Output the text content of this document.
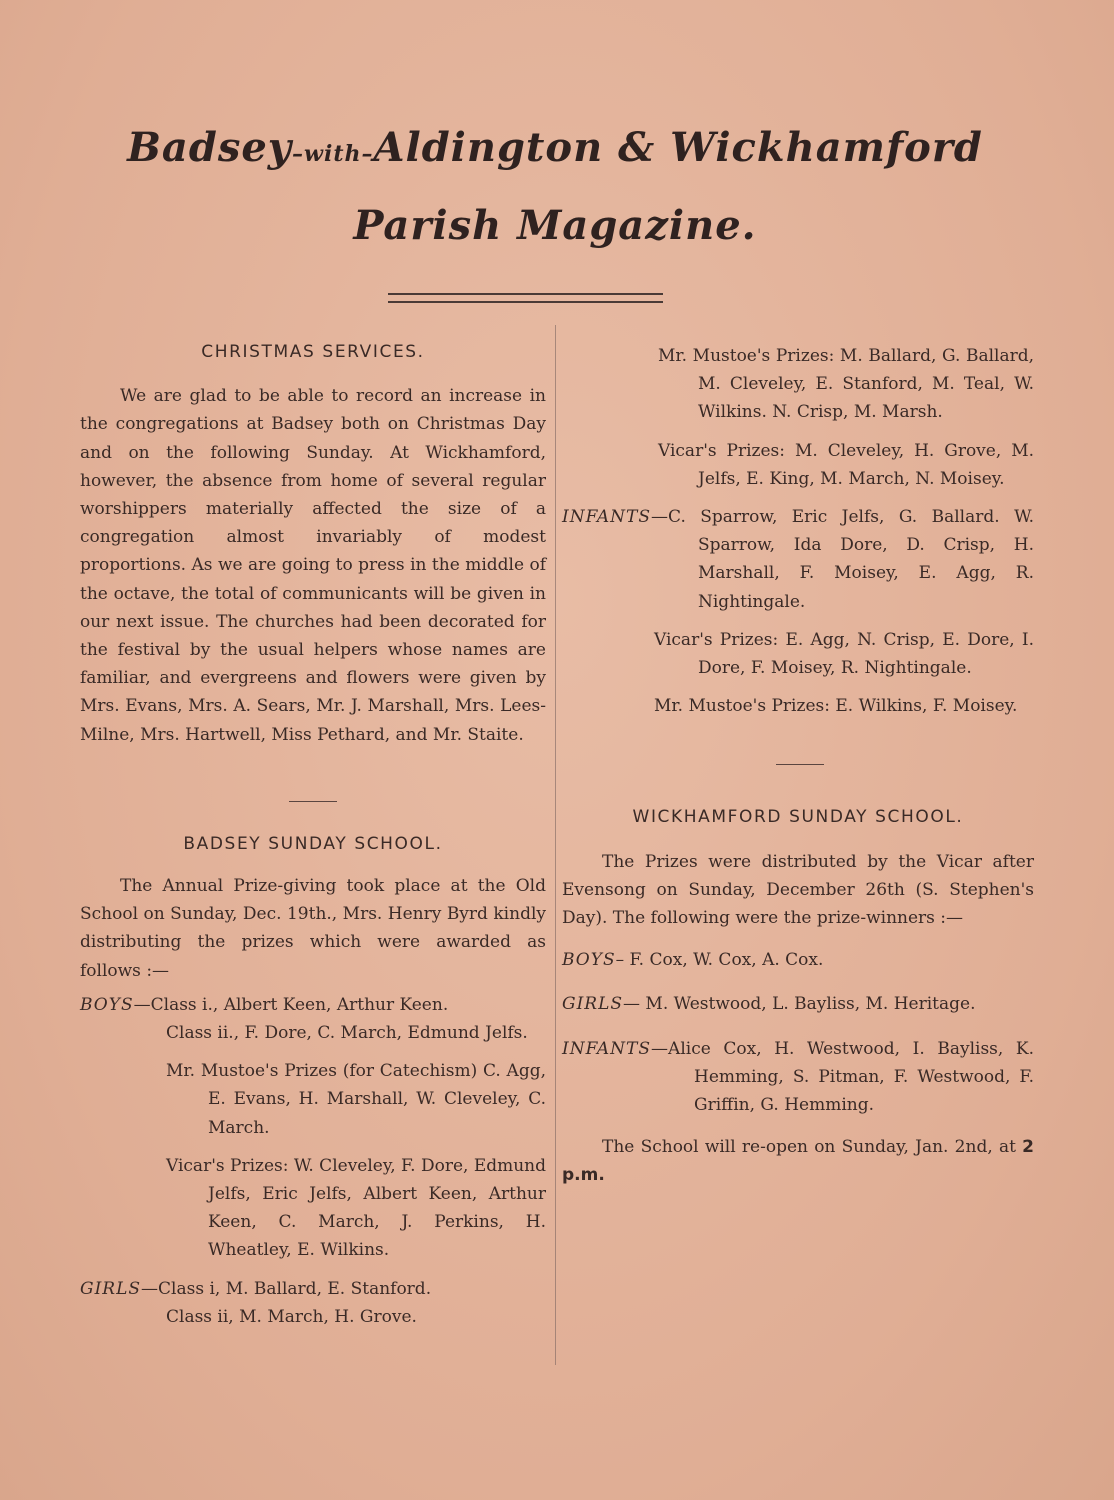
Badsey–with–Aldington & Wickhamford
Parish Magazine.
CHRISTMAS SERVICES.

We are glad to be able to record an increase in the congregations at Badsey both on Christmas Day and on the following Sunday. At Wickhamford, however, the absence from home of several regular worshippers materially affected the size of a congregation almost invariably of modest proportions. As we are going to press in the middle of the octave, the total of communicants will be given in our next issue. The churches had been decorated for the festival by the usual helpers whose names are familiar, and evergreens and flowers were given by Mrs. Evans, Mrs. A. Sears, Mr. J. Marshall, Mrs. Lees-Milne, Mrs. Hartwell, Miss Pethard, and Mr. Staite.

BADSEY SUNDAY SCHOOL.

The Annual Prize-giving took place at the Old School on Sunday, Dec. 19th., Mrs. Henry Byrd kindly distributing the prizes which were awarded as follows :—

BOYS—Class i., Albert Keen, Arthur Keen.

Class ii., F. Dore, C. March, Edmund Jelfs.

Mr. Mustoe's Prizes (for Catechism) C. Agg, E. Evans, H. Marshall, W. Cleveley, C. March.

Vicar's Prizes: W. Cleveley, F. Dore, Edmund Jelfs, Eric Jelfs, Albert Keen, Arthur Keen, C. March, J. Perkins, H. Wheatley, E. Wilkins.

GIRLS—Class i, M. Ballard, E. Stanford.

Class ii, M. March, H. Grove.

Mr. Mustoe's Prizes: M. Ballard, G. Ballard, M. Cleveley, E. Stanford, M. Teal, W. Wilkins. N. Crisp, M. Marsh.

Vicar's Prizes: M. Cleveley, H. Grove, M. Jelfs, E. King, M. March, N. Moisey.

INFANTS—C. Sparrow, Eric Jelfs, G. Ballard. W. Sparrow, Ida Dore, D. Crisp, H. Marshall, F. Moisey, E. Agg, R. Nightingale.

Vicar's Prizes: E. Agg, N. Crisp, E. Dore, I. Dore, F. Moisey, R. Nightingale.

Mr. Mustoe's Prizes: E. Wilkins, F. Moisey.

WICKHAMFORD SUNDAY SCHOOL.

The Prizes were distributed by the Vicar after Evensong on Sunday, December 26th (S. Stephen's Day). The following were the prize-winners :—

BOYS– F. Cox, W. Cox, A. Cox.

GIRLS— M. Westwood, L. Bayliss, M. Heritage.

INFANTS—Alice Cox, H. Westwood, I. Bayliss, K. Hemming, S. Pitman, F. Westwood, F. Griffin, G. Hemming.

The School will re-open on Sunday, Jan. 2nd, at 2 p.m.
